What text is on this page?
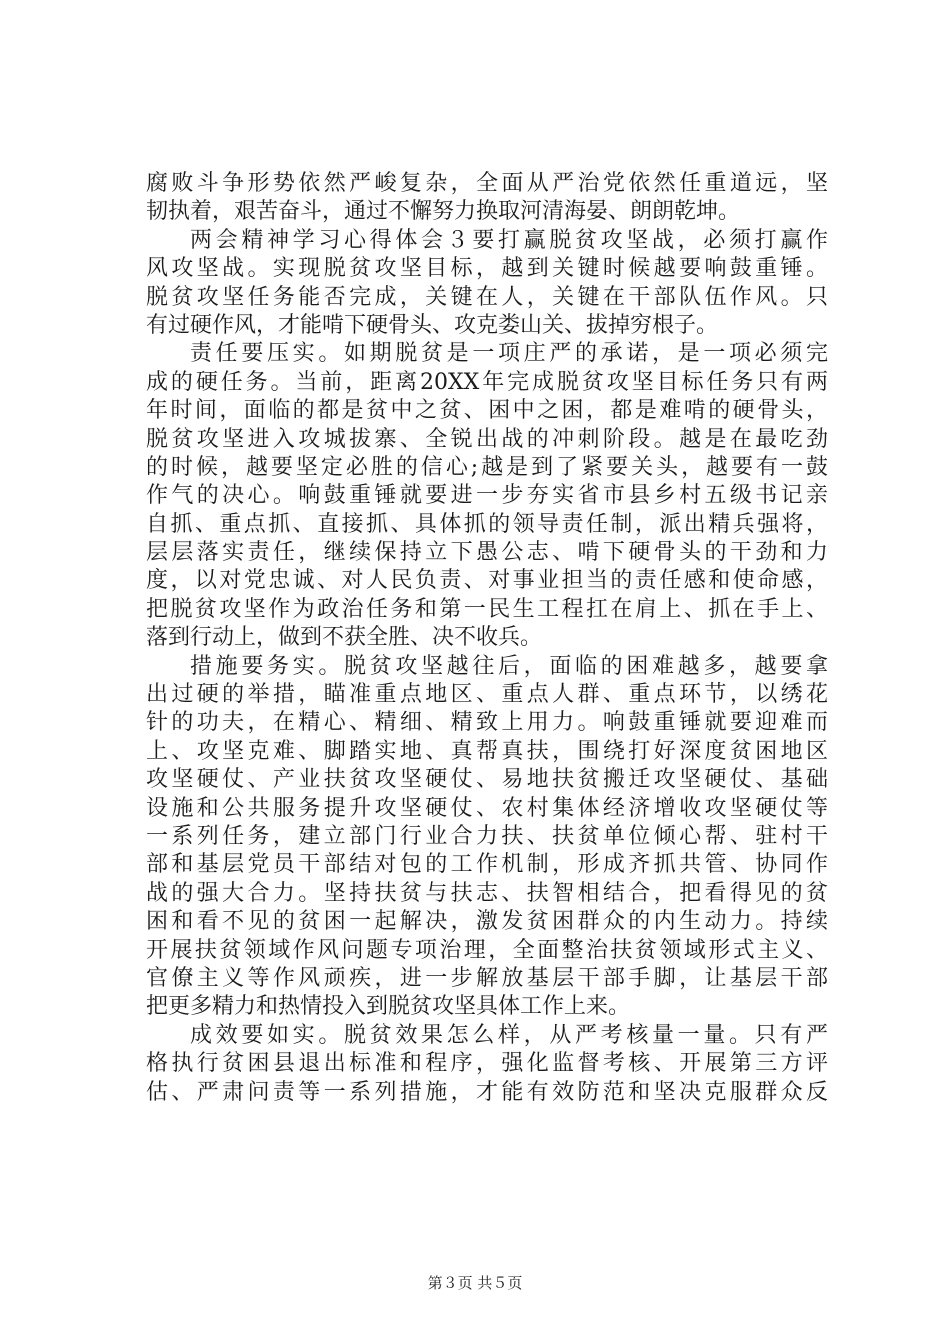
腐败斗争形势依然严峻复杂，全面从严治党依然任重道远，坚
韧执着，艰苦奋斗，通过不懈努力换取河清海晏、朗朗乾坤。
两会精神学习心得体会３要打赢脱贫攻坚战，必须打赢作
风攻坚战。实现脱贫攻坚目标，越到关键时候越要响鼓重锤。
脱贫攻坚任务能否完成，关键在人，关键在干部队伍作风。只
有过硬作风，才能啃下硬骨头、攻克娄山关、拔掉穷根子。
责任要压实。如期脱贫是一项庄严的承诺，是一项必须完
成的硬任务。当前，距离20XX年完成脱贫攻坚目标任务只有两
年时间，面临的都是贫中之贫、困中之困，都是难啃的硬骨头，
脱贫攻坚进入攻城拔寨、全锐出战的冲刺阶段。越是在最吃劲
的时候，越要坚定必胜的信心;越是到了紧要关头，越要有一鼓
作气的决心。响鼓重锤就要进一步夯实省市县乡村五级书记亲
自抓、重点抓、直接抓、具体抓的领导责任制，派出精兵强将，
层层落实责任，继续保持立下愚公志、啃下硬骨头的干劲和力
度，以对党忠诚、对人民负责、对事业担当的责任感和使命感，
把脱贫攻坚作为政治任务和第一民生工程扛在肩上、抓在手上、
落到行动上，做到不获全胜、决不收兵。
措施要务实。脱贫攻坚越往后，面临的困难越多，越要拿
出过硬的举措，瞄准重点地区、重点人群、重点环节，以绣花
针的功夫，在精心、精细、精致上用力。响鼓重锤就要迎难而
上、攻坚克难、脚踏实地、真帮真扶，围绕打好深度贫困地区
攻坚硬仗、产业扶贫攻坚硬仗、易地扶贫搬迁攻坚硬仗、基础
设施和公共服务提升攻坚硬仗、农村集体经济增收攻坚硬仗等
一系列任务，建立部门行业合力扶、扶贫单位倾心帮、驻村干
部和基层党员干部结对包的工作机制，形成齐抓共管、协同作
战的强大合力。坚持扶贫与扶志、扶智相结合，把看得见的贫
困和看不见的贫困一起解决，激发贫困群众的内生动力。持续
开展扶贫领域作风问题专项治理，全面整治扶贫领域形式主义、
官僚主义等作风顽疾，进一步解放基层干部手脚，让基层干部
把更多精力和热情投入到脱贫攻坚具体工作上来。
成效要如实。脱贫效果怎么样，从严考核量一量。只有严
格执行贫困县退出标准和程序，强化监督考核、开展第三方评
估、严肃问责等一系列措施，才能有效防范和坚决克服群众反
第３页 共５页
